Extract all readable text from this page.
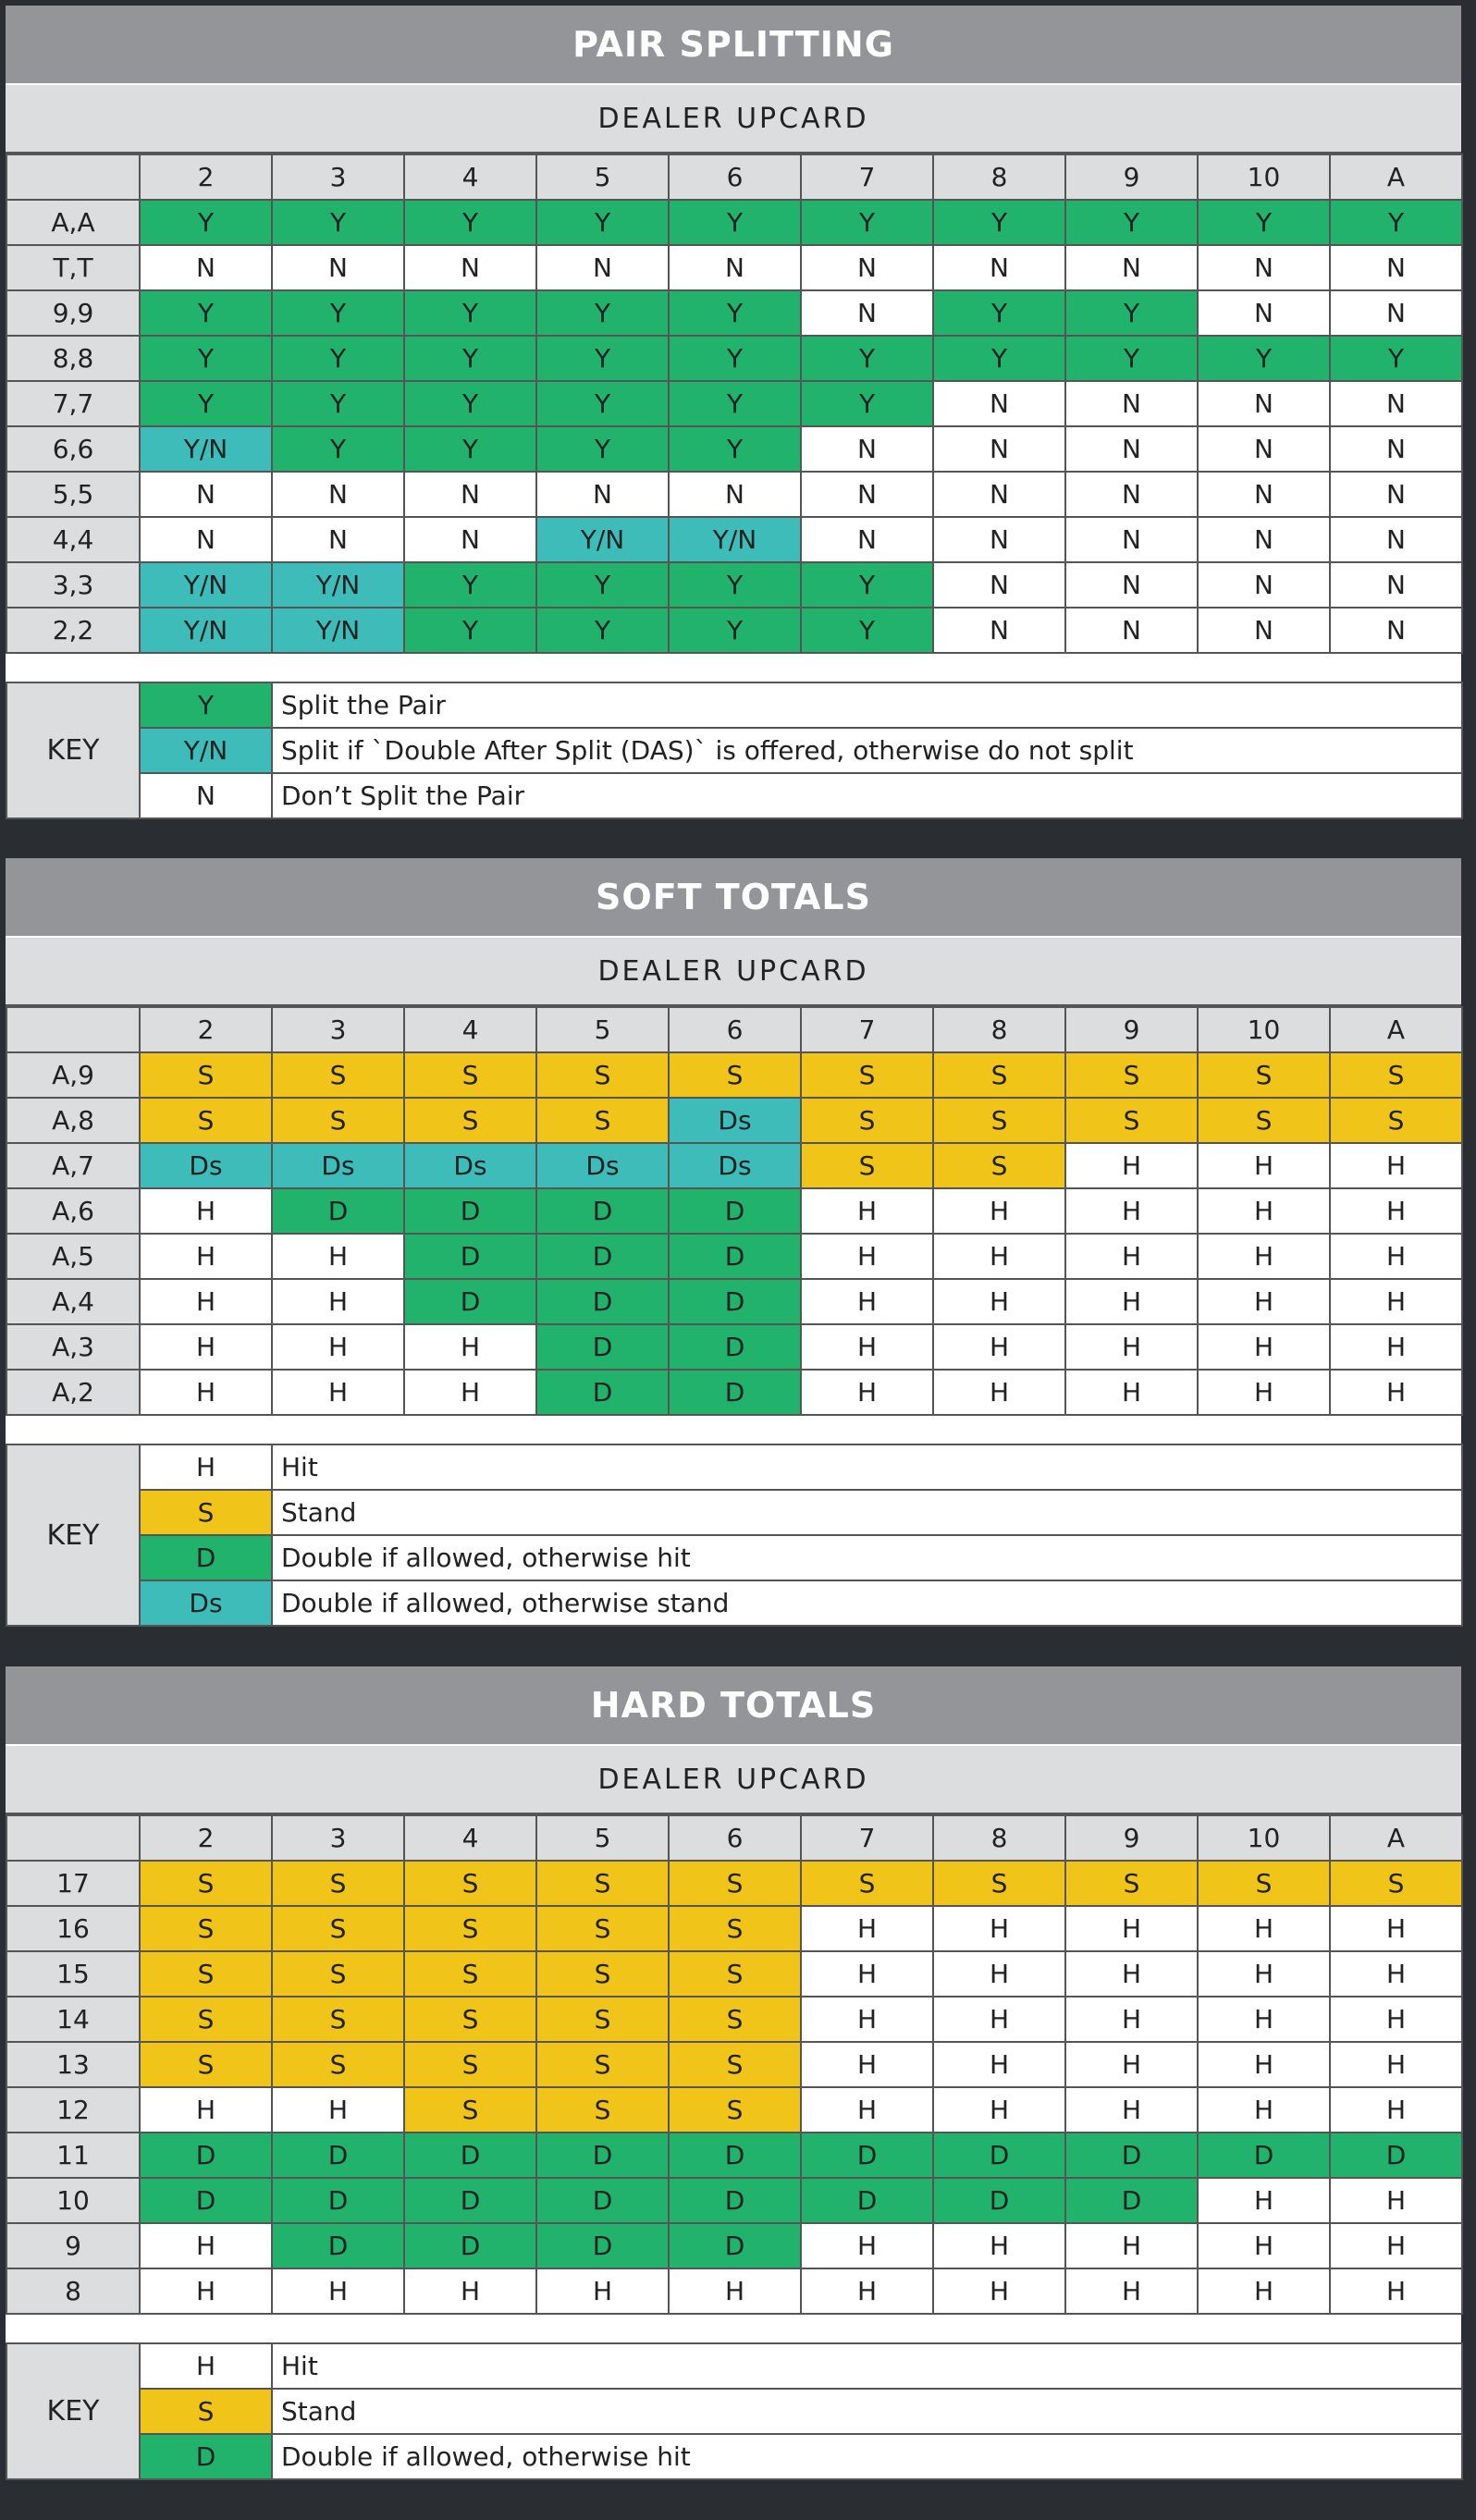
PAIR SPLITTING
DEALER UPCARD
	2	3	4	5	6	7	8	9	10	A
A,A	Y	Y	Y	Y	Y	Y	Y	Y	Y	Y
T,T	N	N	N	N	N	N	N	N	N	N
9,9	Y	Y	Y	Y	Y	N	Y	Y	N	N
8,8	Y	Y	Y	Y	Y	Y	Y	Y	Y	Y
7,7	Y	Y	Y	Y	Y	Y	N	N	N	N
6,6	Y/N	Y	Y	Y	Y	N	N	N	N	N
5,5	N	N	N	N	N	N	N	N	N	N
4,4	N	N	N	Y/N	Y/N	N	N	N	N	N
3,3	Y/N	Y/N	Y	Y	Y	Y	N	N	N	N
2,2	Y/N	Y/N	Y	Y	Y	Y	N	N	N	N
KEY	Y	Split the Pair
	Y/N	Split if `Double After Split (DAS)` is offered, otherwise do not split
	N	Don’t Split the Pair
SOFT TOTALS
DEALER UPCARD
	2	3	4	5	6	7	8	9	10	A
A,9	S	S	S	S	S	S	S	S	S	S
A,8	S	S	S	S	Ds	S	S	S	S	S
A,7	Ds	Ds	Ds	Ds	Ds	S	S	H	H	H
A,6	H	D	D	D	D	H	H	H	H	H
A,5	H	H	D	D	D	H	H	H	H	H
A,4	H	H	D	D	D	H	H	H	H	H
A,3	H	H	H	D	D	H	H	H	H	H
A,2	H	H	H	D	D	H	H	H	H	H
KEY	H	Hit
	S	Stand
	D	Double if allowed, otherwise hit
	Ds	Double if allowed, otherwise stand
HARD TOTALS
DEALER UPCARD
	2	3	4	5	6	7	8	9	10	A
17	S	S	S	S	S	S	S	S	S	S
16	S	S	S	S	S	H	H	H	H	H
15	S	S	S	S	S	H	H	H	H	H
14	S	S	S	S	S	H	H	H	H	H
13	S	S	S	S	S	H	H	H	H	H
12	H	H	S	S	S	H	H	H	H	H
11	D	D	D	D	D	D	D	D	D	D
10	D	D	D	D	D	D	D	D	H	H
9	H	D	D	D	D	H	H	H	H	H
8	H	H	H	H	H	H	H	H	H	H
KEY	H	Hit
	S	Stand
	D	Double if allowed, otherwise hit
